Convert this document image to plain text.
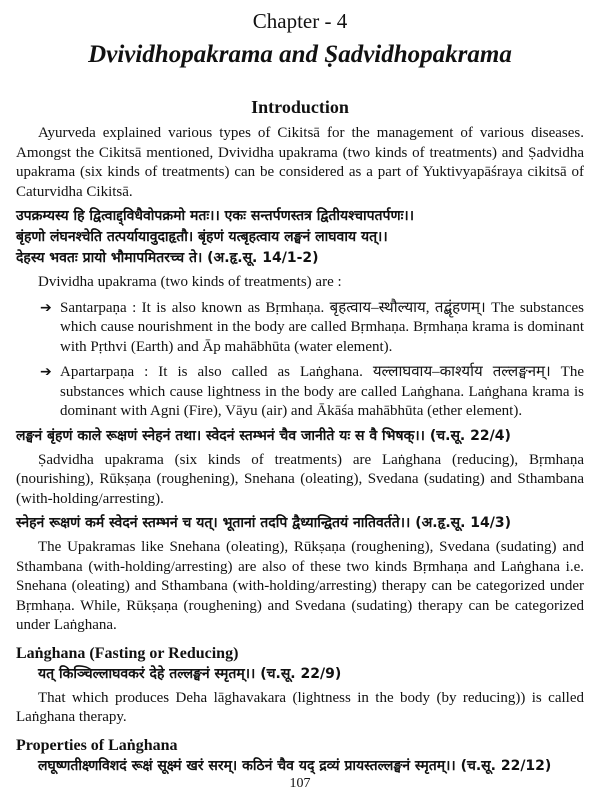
Chapter - 4
Dvividhopakrama and Ṣadvidhopakrama
Introduction
Ayurveda explained various types of Cikitsā for the management of various diseases. Amongst the Cikitsā mentioned, Dvividha upakrama (two kinds of treatments) and Ṣadvidha upakrama (six kinds of treatments) can be considered as a part of Yuktivyapāśraya cikitsā of Caturvidha Cikitsā.
उपक्रम्यस्य हि द्वित्वाद्द्विधैवोपक्रमो मतः।। एकः सन्तर्पणस्तत्र द्वितीयश्चापतर्पणः।।
बृंहणो लंघनश्चेति तत्पर्यायावुदाहृतौ। बृंहणं यत्बृहत्वाय लङ्घनं लाघवाय यत्।।
देहस्य भवतः प्रायो भौमापमितरच्च ते। (अ.हृ.सू. 14/1-2)
Dvividha upakrama (two kinds of treatments) are :
➔ Santarpaṇa : It is also known as Bṛmhaṇa. बृहत्वाय–स्थौल्याय, तद्बृंहणम्। The substances which cause nourishment in the body are called Bṛmhaṇa. Bṛmhaṇa krama is dominant with Pṛthvi (Earth) and Āp mahābhūta (water element).
➔ Apartarpaṇa : It is also called as Laṅghana. यल्लाघवाय–कार्श्याय तल्लङ्घनम्। The substances which cause lightness in the body are called Laṅghana. Laṅghana krama is dominant with Agni (Fire), Vāyu (air) and Ākāśa mahābhūta (ether element).
लङ्घनं बृंहणं काले रूक्षणं स्नेहनं तथा। स्वेदनं स्तम्भनं चैव जानीते यः स वै भिषक्।। (च.सू. 22/4)
Ṣadvidha upakrama (six kinds of treatments) are Laṅghana (reducing), Bṛmhaṇa (nourishing), Rūkṣaṇa (roughening), Snehana (oleating), Svedana (sudating) and Sthambana (with-holding/arresting).
स्नेहनं रूक्षणं कर्म स्वेदनं स्तम्भनं च यत्। भूतानां तदपि द्वैध्यान्द्वितयं नातिवर्तते।। (अ.हृ.सू. 14/3)
The Upakramas like Snehana (oleating), Rūkṣaṇa (roughening), Svedana (sudating) and Sthambana (with-holding/arresting) are also of these two kinds Bṛmhaṇa and Laṅghana i.e. Snehana (oleating) and Sthambana (with-holding/arresting) therapy can be categorized under Bṛmhaṇa. While, Rūkṣaṇa (roughening) and Svedana (sudating) therapy can be categorized under Laṅghana.
Laṅghana (Fasting or Reducing)
यत् किञ्चिल्लाघवकरं देहे तल्लङ्घनं स्मृतम्।। (च.सू. 22/9)
That which produces Deha lāghavakara (lightness in the body (by reducing)) is called Laṅghana therapy.
Properties of Laṅghana
लघूष्णतीक्ष्णविशदं रूक्षं सूक्ष्मं खरं सरम्। कठिनं चैव यद् द्रव्यं प्रायस्तल्लङ्घनं स्मृतम्।। (च.सू. 22/12)
107
